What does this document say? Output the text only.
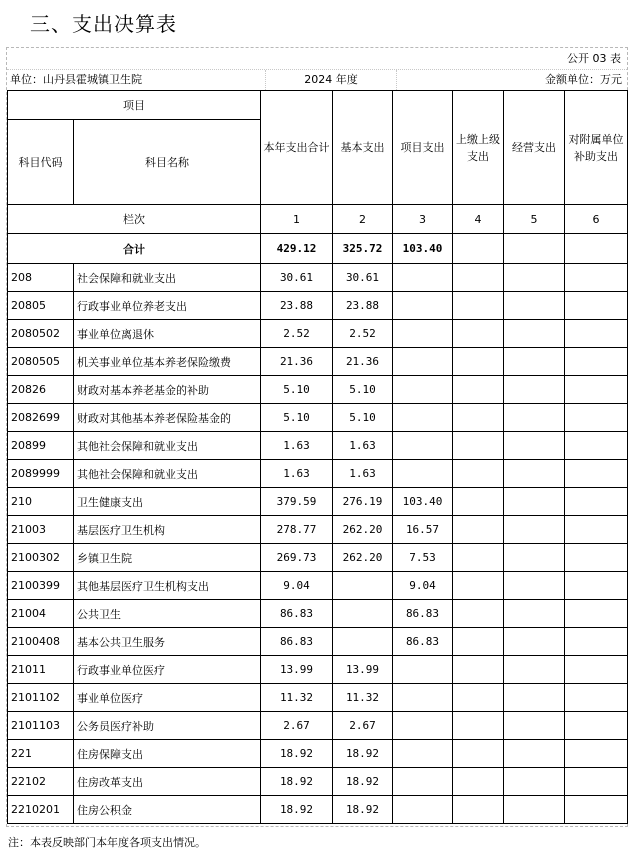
三、支出决算表
公开 03 表
单位：山丹县霍城镇卫生院	2024 年度	金额单位：万元
项目		本年支出合计	基本支出	项目支出	上缴上级支出	经营支出	对附属单位补助支出
科目代码	科目名称						
栏次		1	2	3	4	5	6
合计		429.12	325.72	103.40			
208	社会保障和就业支出	30.61	30.61				
20805	行政事业单位养老支出	23.88	23.88				
2080502	事业单位离退休	2.52	2.52				
2080505	机关事业单位基本养老保险缴费	21.36	21.36				
20826	财政对基本养老基金的补助	5.10	5.10				
2082699	财政对其他基本养老保险基金的	5.10	5.10				
20899	其他社会保障和就业支出	1.63	1.63				
2089999	其他社会保障和就业支出	1.63	1.63				
210	卫生健康支出	379.59	276.19	103.40			
21003	基层医疗卫生机构	278.77	262.20	16.57			
2100302	乡镇卫生院	269.73	262.20	7.53			
2100399	其他基层医疗卫生机构支出	9.04		9.04			
21004	公共卫生	86.83		86.83			
2100408	基本公共卫生服务	86.83		86.83			
21011	行政事业单位医疗	13.99	13.99				
2101102	事业单位医疗	11.32	11.32				
2101103	公务员医疗补助	2.67	2.67				
221	住房保障支出	18.92	18.92				
22102	住房改革支出	18.92	18.92				
2210201	住房公积金	18.92	18.92				
注：本表反映部门本年度各项支出情况。
